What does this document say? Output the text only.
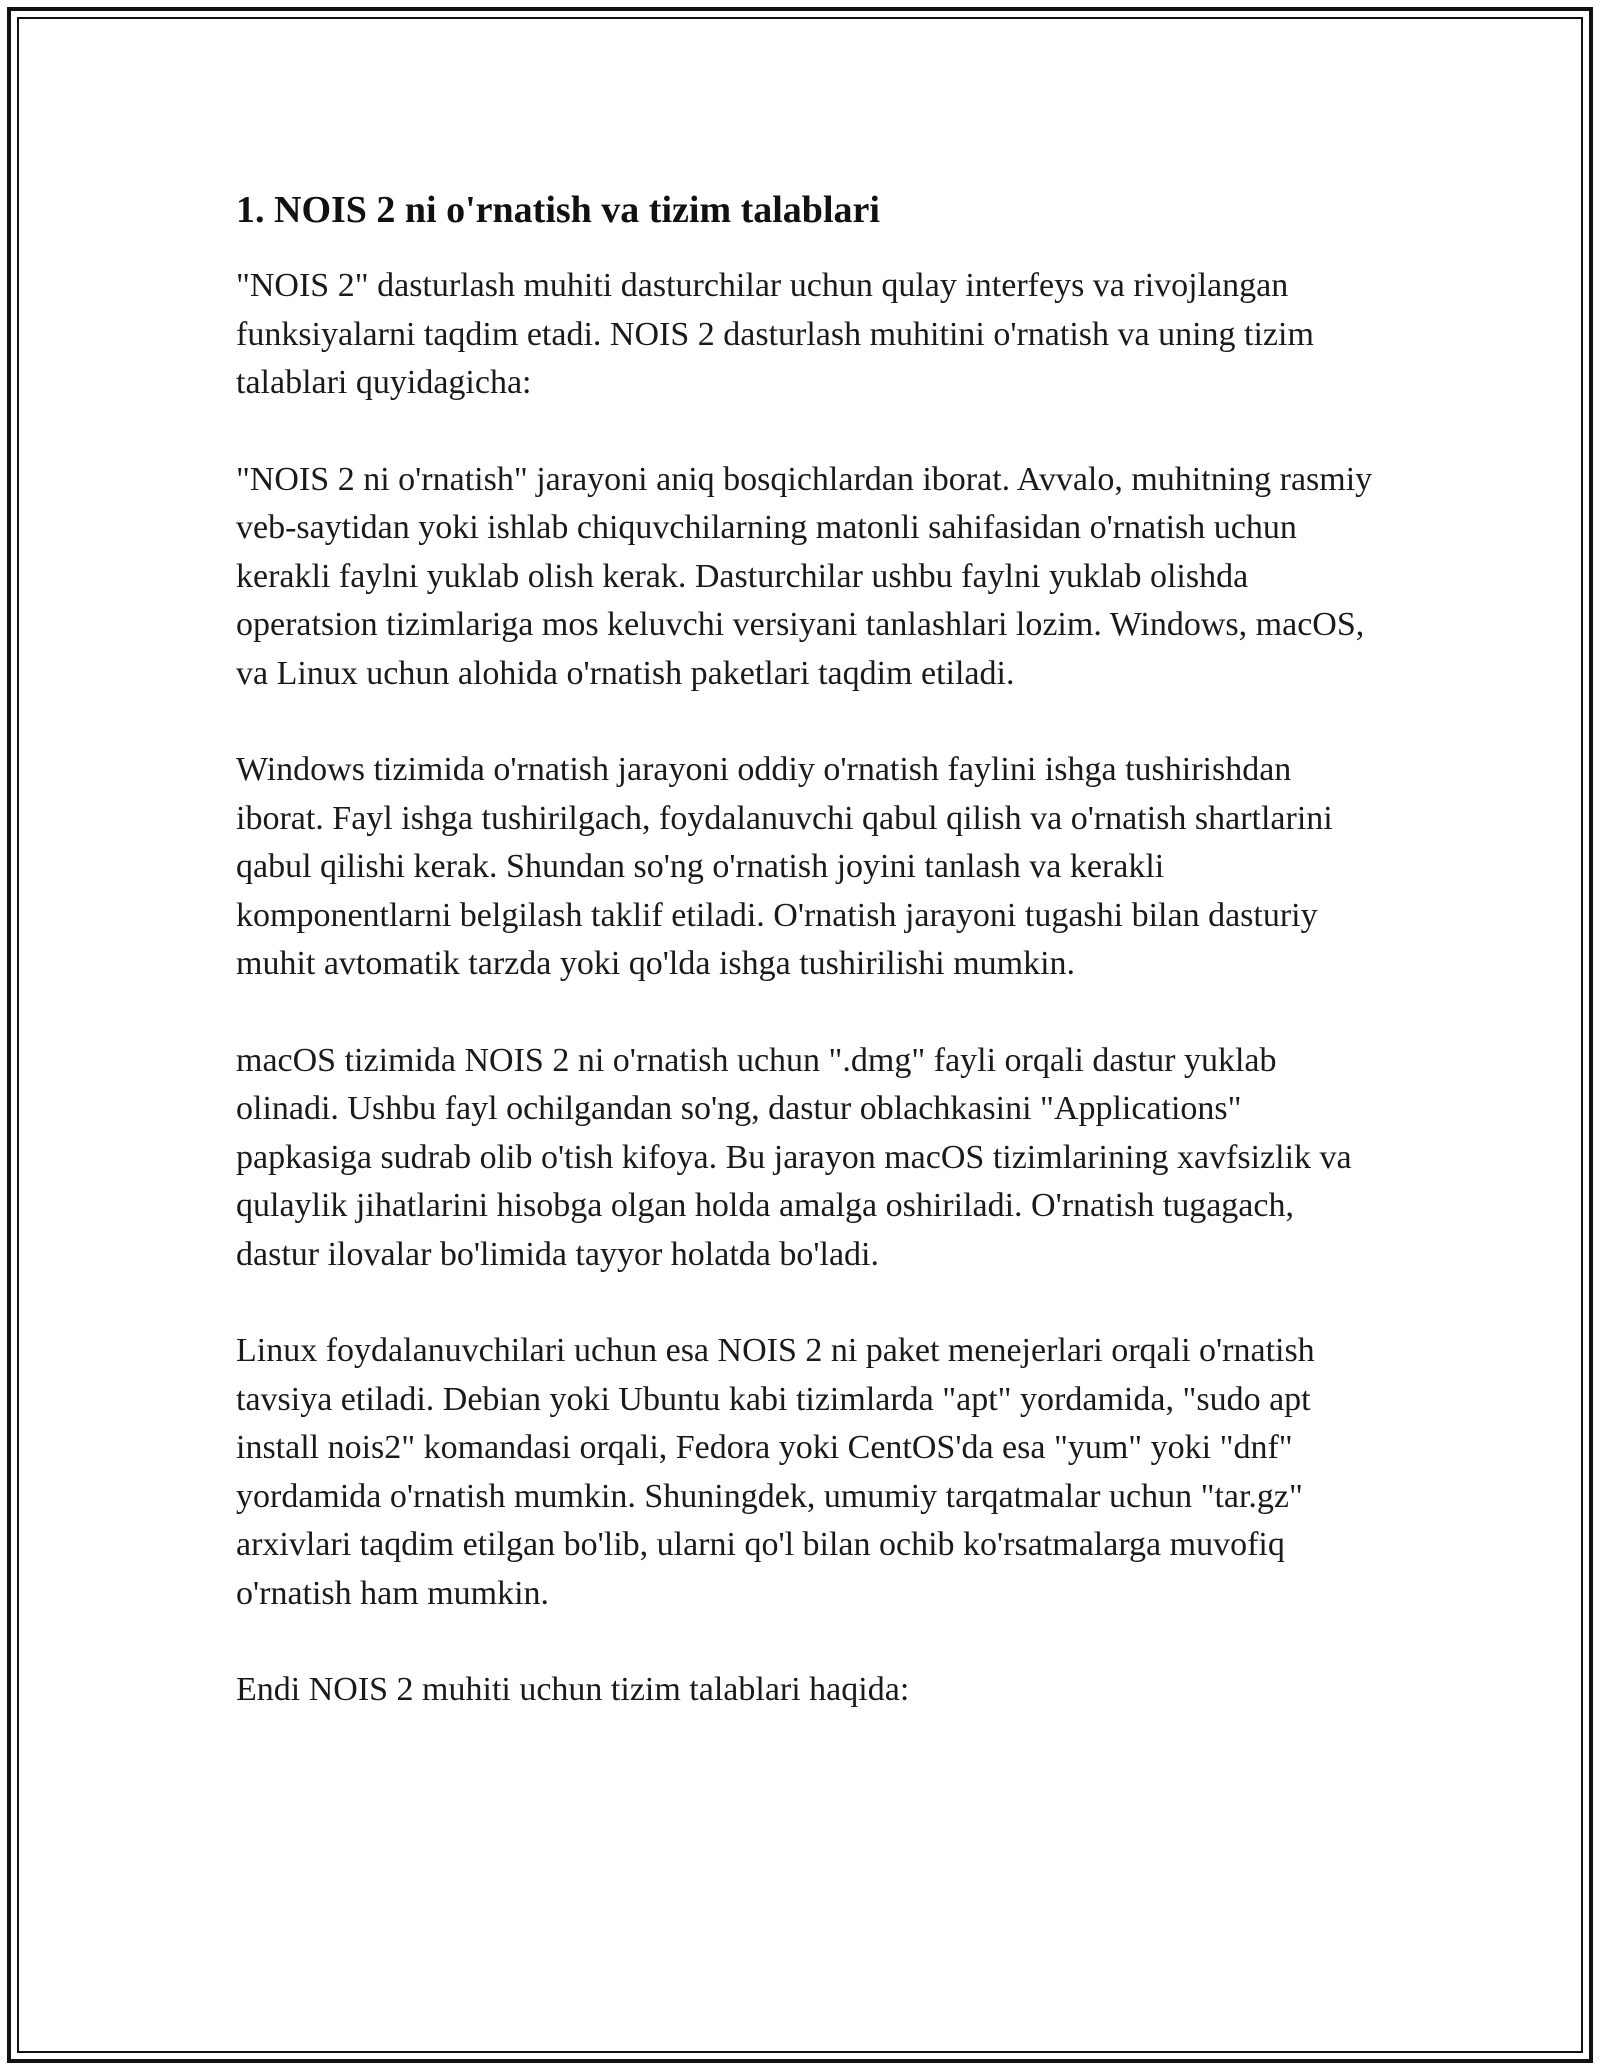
1. NOIS 2 ni o'rnatish va tizim talablari

"NOIS 2" dasturlash muhiti dasturchilar uchun qulay interfeys va rivojlangan funksiyalarni taqdim etadi. NOIS 2 dasturlash muhitini o'rnatish va uning tizim talablari quyidagicha:

"NOIS 2 ni o'rnatish" jarayoni aniq bosqichlardan iborat. Avvalo, muhitning rasmiy veb-saytidan yoki ishlab chiquvchilarning matonli sahifasidan o'rnatish uchun kerakli faylni yuklab olish kerak. Dasturchilar ushbu faylni yuklab olishda operatsion tizimlariga mos keluvchi versiyani tanlashlari lozim. Windows, macOS, va Linux uchun alohida o'rnatish paketlari taqdim etiladi.

Windows tizimida o'rnatish jarayoni oddiy o'rnatish faylini ishga tushirishdan iborat. Fayl ishga tushirilgach, foydalanuvchi qabul qilish va o'rnatish shartlarini qabul qilishi kerak. Shundan so'ng o'rnatish joyini tanlash va kerakli komponentlarni belgilash taklif etiladi. O'rnatish jarayoni tugashi bilan dasturiy muhit avtomatik tarzda yoki qo'lda ishga tushirilishi mumkin.

macOS tizimida NOIS 2 ni o'rnatish uchun ".dmg" fayli orqali dastur yuklab olinadi. Ushbu fayl ochilgandan so'ng, dastur oblachkasini "Applications" papkasiga sudrab olib o'tish kifoya. Bu jarayon macOS tizimlarining xavfsizlik va qulaylik jihatlarini hisobga olgan holda amalga oshiriladi. O'rnatish tugagach, dastur ilovalar bo'limida tayyor holatda bo'ladi.

Linux foydalanuvchilari uchun esa NOIS 2 ni paket menejerlari orqali o'rnatish tavsiya etiladi. Debian yoki Ubuntu kabi tizimlarda "apt" yordamida, "sudo apt install nois2" komandasi orqali, Fedora yoki CentOS'da esa "yum" yoki "dnf" yordamida o'rnatish mumkin. Shuningdek, umumiy tarqatmalar uchun "tar.gz" arxivlari taqdim etilgan bo'lib, ularni qo'l bilan ochib ko'rsatmalarga muvofiq o'rnatish ham mumkin.

Endi NOIS 2 muhiti uchun tizim talablari haqida:
